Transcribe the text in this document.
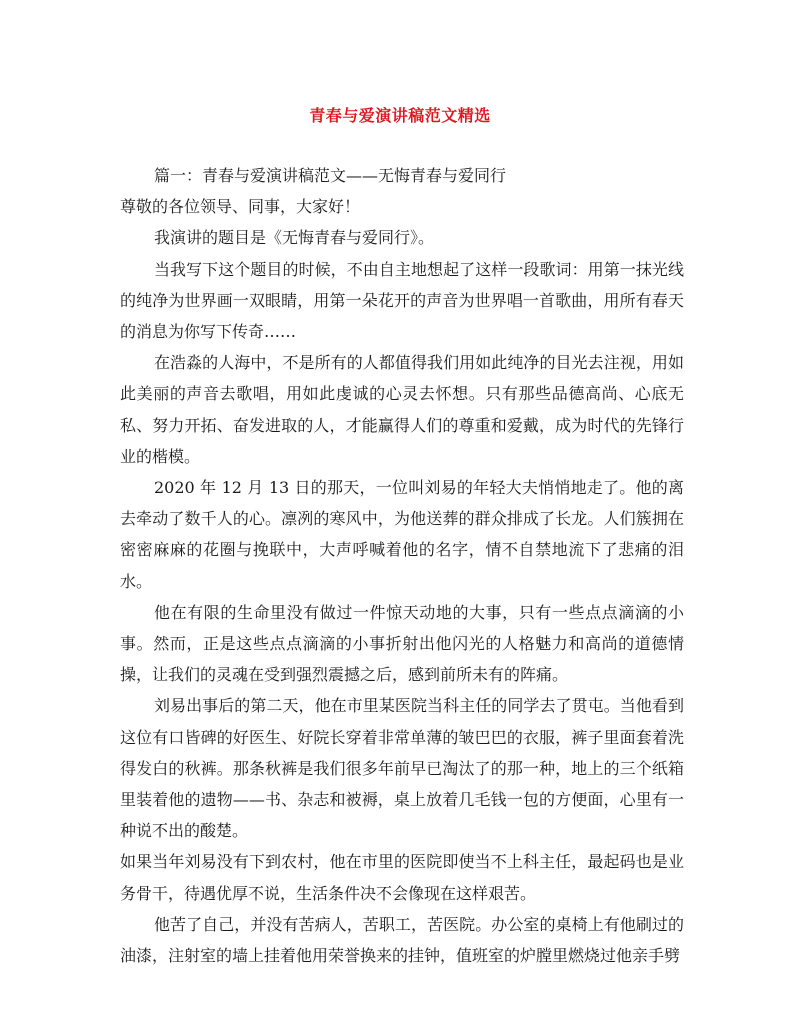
青春与爱演讲稿范文精选

篇一：青春与爱演讲稿范文——无悔青春与爱同行

尊敬的各位领导、同事，大家好！

我演讲的题目是《无悔青春与爱同行》。

当我写下这个题目的时候，不由自主地想起了这样一段歌词：用第一抹光线的纯净为世界画一双眼睛，用第一朵花开的声音为世界唱一首歌曲，用所有春天的消息为你写下传奇……

在浩淼的人海中，不是所有的人都值得我们用如此纯净的目光去注视，用如此美丽的声音去歌唱，用如此虔诚的心灵去怀想。只有那些品德高尚、心底无私、努力开拓、奋发进取的人，才能赢得人们的尊重和爱戴，成为时代的先锋行业的楷模。

2020 年 12 月 13 日的那天，一位叫刘易的年轻大夫悄悄地走了。他的离去牵动了数千人的心。凛冽的寒风中，为他送葬的群众排成了长龙。人们簇拥在密密麻麻的花圈与挽联中，大声呼喊着他的名字，情不自禁地流下了悲痛的泪水。

他在有限的生命里没有做过一件惊天动地的大事，只有一些点点滴滴的小事。然而，正是这些点点滴滴的小事折射出他闪光的人格魅力和高尚的道德情操，让我们的灵魂在受到强烈震撼之后，感到前所未有的阵痛。

刘易出事后的第二天，他在市里某医院当科主任的同学去了贯屯。当他看到这位有口皆碑的好医生、好院长穿着非常单薄的皱巴巴的衣服，裤子里面套着洗得发白的秋裤。那条秋裤是我们很多年前早已淘汰了的那一种，地上的三个纸箱里装着他的遗物——书、杂志和被褥，桌上放着几毛钱一包的方便面，心里有一种说不出的酸楚。

如果当年刘易没有下到农村，他在市里的医院即使当不上科主任，最起码也是业务骨干，待遇优厚不说，生活条件决不会像现在这样艰苦。

他苦了自己，并没有苦病人，苦职工，苦医院。办公室的桌椅上有他刷过的油漆，注射室的墙上挂着他用荣誉换来的挂钟，值班室的炉膛里燃烧过他亲手劈
